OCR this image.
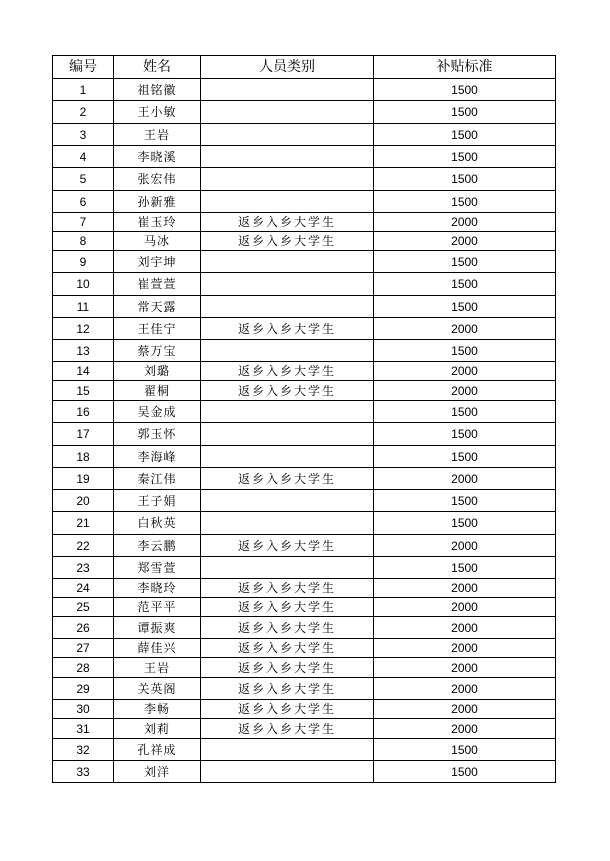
编号	姓名	人员类别	补贴标准
1	祖铭徽		1500
2	王小敏		1500
3	王岩		1500
4	李晓溪		1500
5	张宏伟		1500
6	孙新雅		1500
7	崔玉玲	返乡入乡大学生	2000
8	马冰	返乡入乡大学生	2000
9	刘宇坤		1500
10	崔萱萱		1500
11	常天露		1500
12	王佳宁	返乡入乡大学生	2000
13	蔡万宝		1500
14	刘璐	返乡入乡大学生	2000
15	翟桐	返乡入乡大学生	2000
16	吴金成		1500
17	郭玉怀		1500
18	李海峰		1500
19	秦江伟	返乡入乡大学生	2000
20	王子娟		1500
21	白秋英		1500
22	李云鹏	返乡入乡大学生	2000
23	郑雪萱		1500
24	李晓玲	返乡入乡大学生	2000
25	范平平	返乡入乡大学生	2000
26	谭振爽	返乡入乡大学生	2000
27	薛佳兴	返乡入乡大学生	2000
28	王岩	返乡入乡大学生	2000
29	关英阁	返乡入乡大学生	2000
30	李畅	返乡入乡大学生	2000
31	刘莉	返乡入乡大学生	2000
32	孔祥成		1500
33	刘洋		1500
